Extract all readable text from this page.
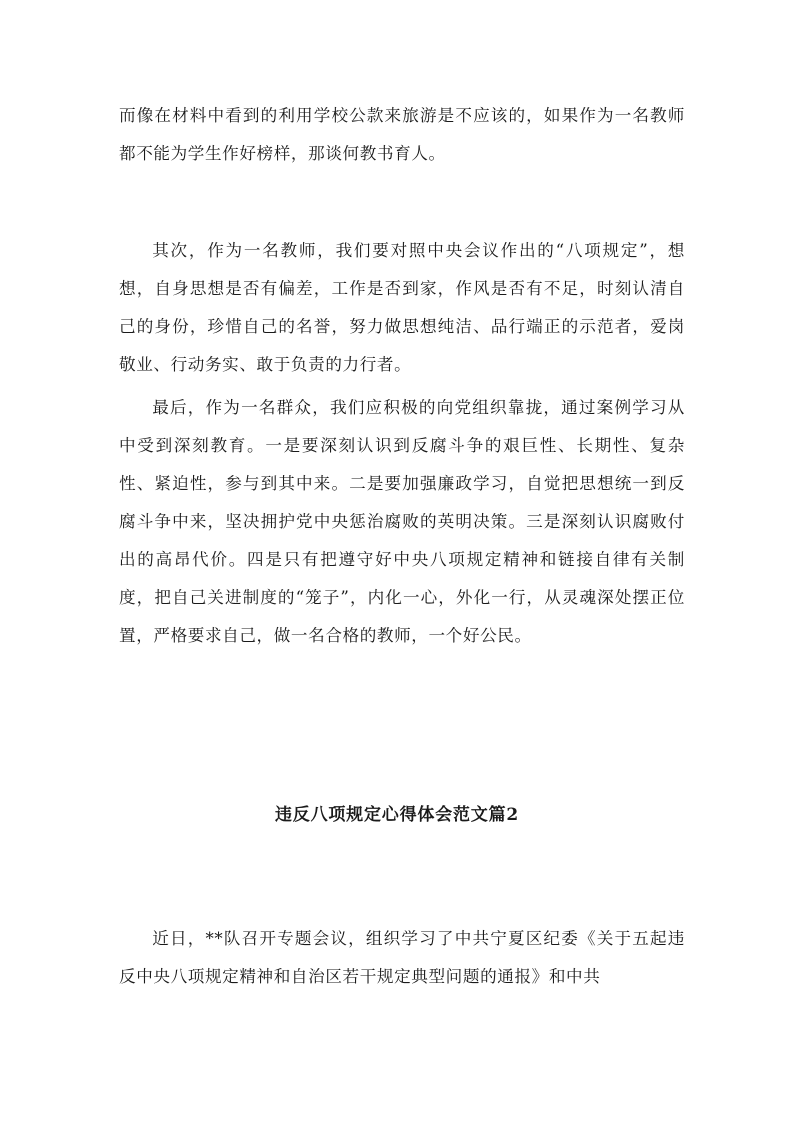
而像在材料中看到的利用学校公款来旅游是不应该的，如果作为一名教师都不能为学生作好榜样，那谈何教书育人。

其次，作为一名教师，我们要对照中央会议作出的“八项规定”，想想，自身思想是否有偏差，工作是否到家，作风是否有不足，时刻认清自己的身份，珍惜自己的名誉，努力做思想纯洁、品行端正的示范者，爱岗敬业、行动务实、敢于负责的力行者。

最后，作为一名群众，我们应积极的向党组织靠拢，通过案例学习从中受到深刻教育。一是要深刻认识到反腐斗争的艰巨性、长期性、复杂性、紧迫性，参与到其中来。二是要加强廉政学习，自觉把思想统一到反腐斗争中来，坚决拥护党中央惩治腐败的英明决策。三是深刻认识腐败付出的高昂代价。四是只有把遵守好中央八项规定精神和链接自律有关制度，把自己关进制度的“笼子”，内化一心，外化一行，从灵魂深处摆正位置，严格要求自己，做一名合格的教师，一个好公民。

违反八项规定心得体会范文篇2

近日，**队召开专题会议，组织学习了中共宁夏区纪委《关于五起违反中央八项规定精神和自治区若干规定典型问题的通报》和中共
